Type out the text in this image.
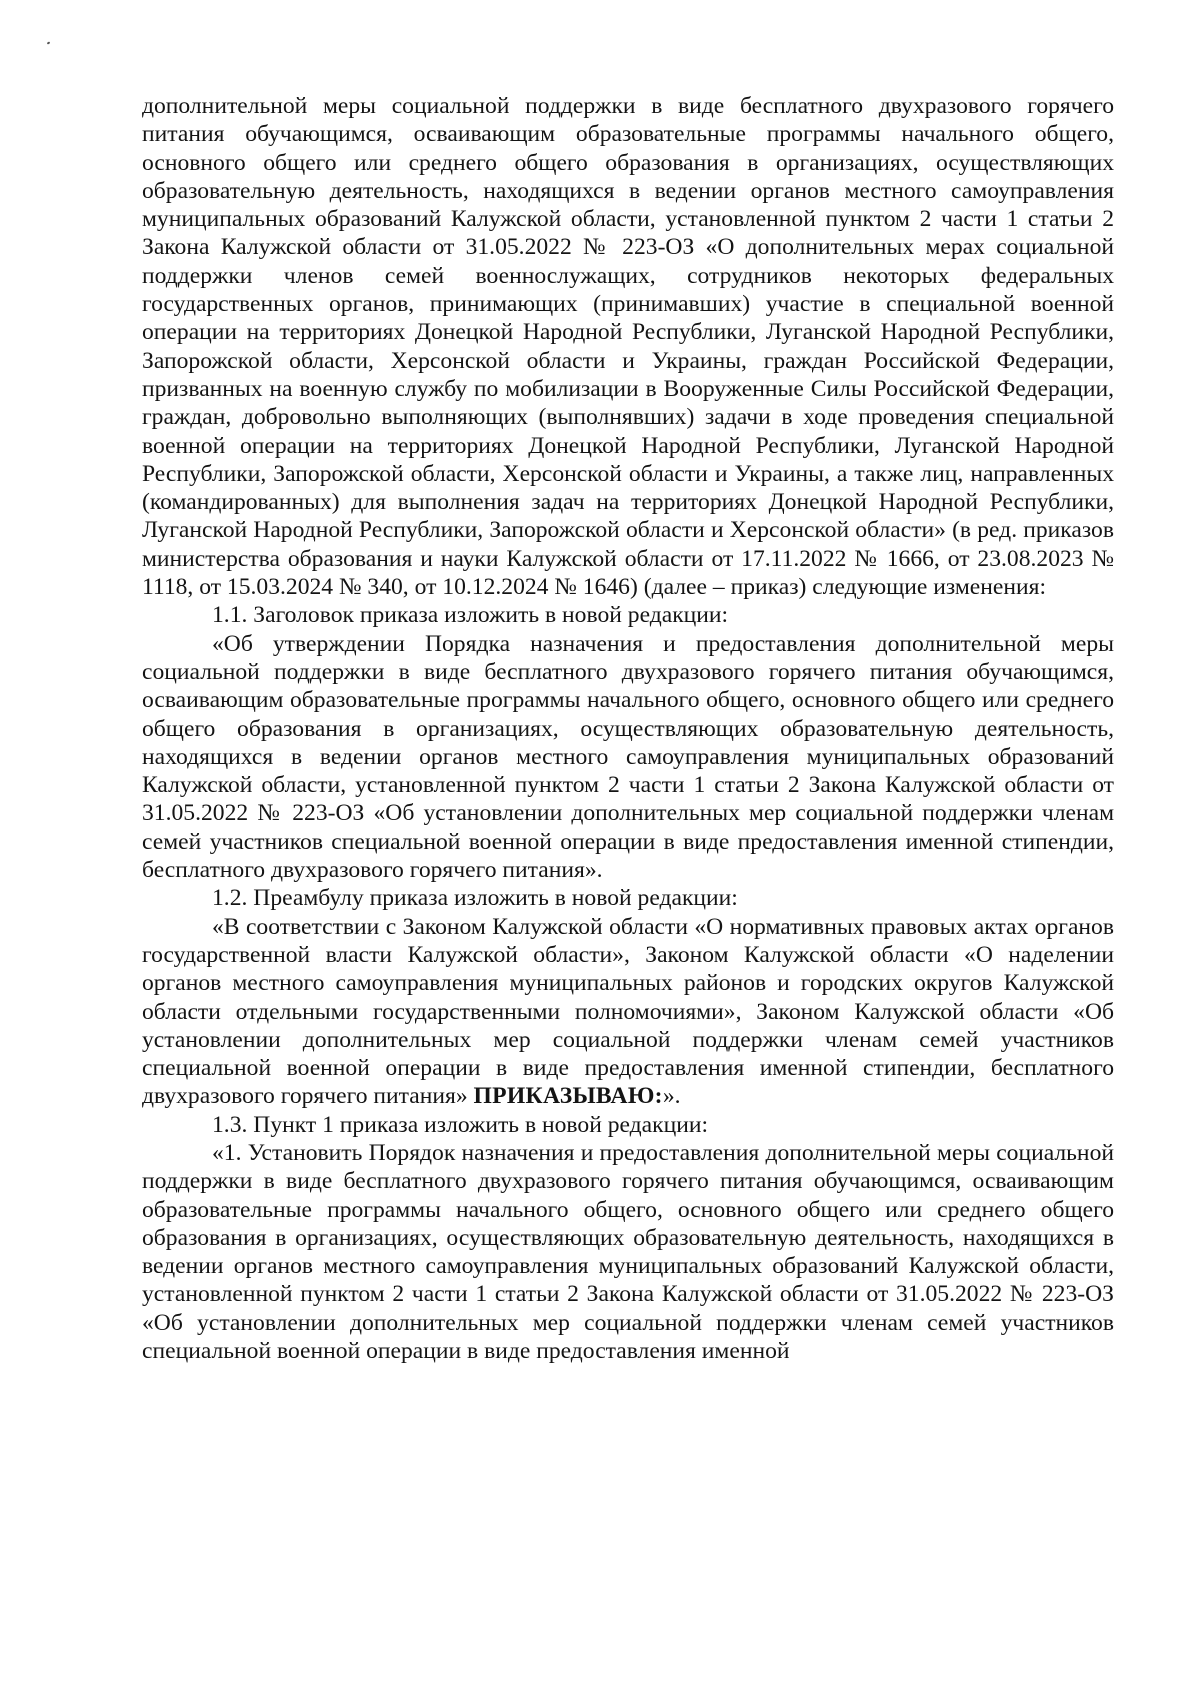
дополнительной меры социальной поддержки в виде бесплатного двухразового горячего питания обучающимся, осваивающим образовательные программы начального общего, основного общего или среднего общего образования в организациях, осуществляющих образовательную деятельность, находящихся в ведении органов местного самоуправления муниципальных образований Калужской области, установленной пунктом 2 части 1 статьи 2 Закона Калужской области от 31.05.2022 № 223-ОЗ «О дополнительных мерах социальной поддержки членов семей военнослужащих, сотрудников некоторых федеральных государственных органов, принимающих (принимавших) участие в специальной военной операции на территориях Донецкой Народной Республики, Луганской Народной Республики, Запорожской области, Херсонской области и Украины, граждан Российской Федерации, призванных на военную службу по мобилизации в Вооруженные Силы Российской Федерации, граждан, добровольно выполняющих (выполнявших) задачи в ходе проведения специальной военной операции на территориях Донецкой Народной Республики, Луганской Народной Республики, Запорожской области, Херсонской области и Украины, а также лиц, направленных (командированных) для выполнения задач на территориях Донецкой Народной Республики, Луганской Народной Республики, Запорожской области и Херсонской области» (в ред. приказов министерства образования и науки Калужской области от 17.11.2022 № 1666, от 23.08.2023 № 1118, от 15.03.2024 № 340, от 10.12.2024 № 1646) (далее – приказ) следующие изменения:

1.1. Заголовок приказа изложить в новой редакции:

«Об утверждении Порядка назначения и предоставления дополнительной меры социальной поддержки в виде бесплатного двухразового горячего питания обучающимся, осваивающим образовательные программы начального общего, основного общего или среднего общего образования в организациях, осуществляющих образовательную деятельность, находящихся в ведении органов местного самоуправления муниципальных образований Калужской области, установленной пунктом 2 части 1 статьи 2 Закона Калужской области от 31.05.2022 № 223-ОЗ «Об установлении дополнительных мер социальной поддержки членам семей участников специальной военной операции в виде предоставления именной стипендии, бесплатного двухразового горячего питания».

1.2. Преамбулу приказа изложить в новой редакции:

«В соответствии с Законом Калужской области «О нормативных правовых актах органов государственной власти Калужской области», Законом Калужской области «О наделении органов местного самоуправления муниципальных районов и городских округов Калужской области отдельными государственными полномочиями», Законом Калужской области «Об установлении дополнительных мер социальной поддержки членам семей участников специальной военной операции в виде предоставления именной стипендии, бесплатного двухразового горячего питания» ПРИКАЗЫВАЮ:».

1.3. Пункт 1 приказа изложить в новой редакции:

«1. Установить Порядок назначения и предоставления дополнительной меры социальной поддержки в виде бесплатного двухразового горячего питания обучающимся, осваивающим образовательные программы начального общего, основного общего или среднего общего образования в организациях, осуществляющих образовательную деятельность, находящихся в ведении органов местного самоуправления муниципальных образований Калужской области, установленной пунктом 2 части 1 статьи 2 Закона Калужской области от 31.05.2022 № 223-ОЗ «Об установлении дополнительных мер социальной поддержки членам семей участников специальной военной операции в виде предоставления именной
